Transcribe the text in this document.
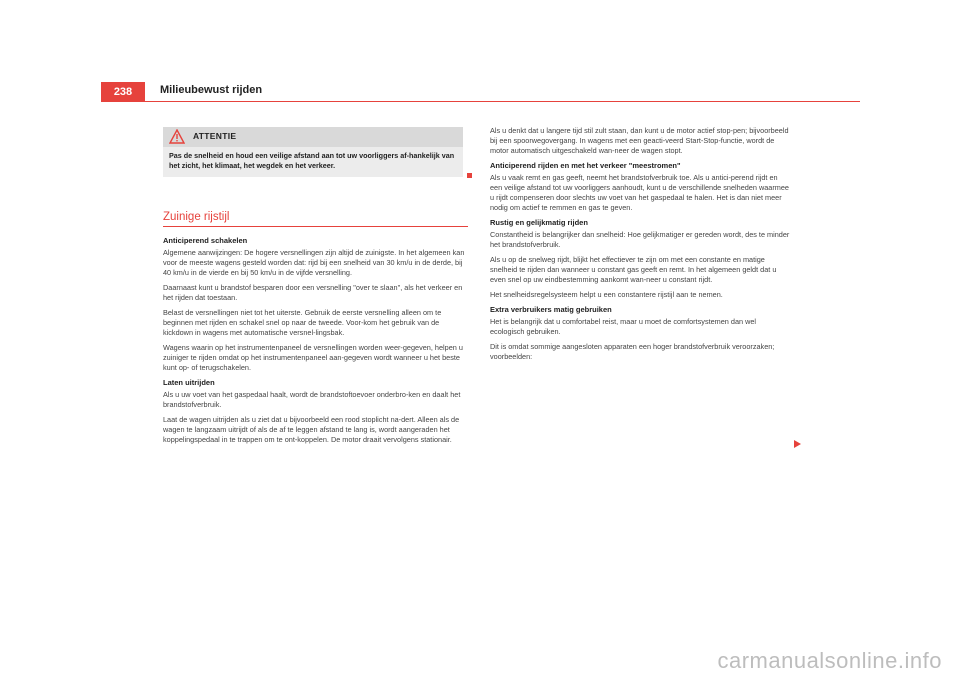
238	Milieubewust rijden
ATTENTIE
Pas de snelheid en houd een veilige afstand aan tot uw voorliggers af-hankelijk van het zicht, het klimaat, het wegdek en het verkeer.
Zuinige rijstijl
Anticiperend schakelen

Algemene aanwijzingen: De hogere versnellingen zijn altijd de zuinigste. In het algemeen kan voor de meeste wagens gesteld worden dat: rijd bij een snelheid van 30 km/u in de derde, bij 40 km/u in de vierde en bij 50 km/u in de vijfde versnelling.

Daarnaast kunt u brandstof besparen door een versnelling "over te slaan", als het verkeer en het rijden dat toestaan.

Belast de versnellingen niet tot het uiterste. Gebruik de eerste versnelling alleen om te beginnen met rijden en schakel snel op naar de tweede. Voor-kom het gebruik van de kickdown in wagens met automatische versnel-lingsbak.

Wagens waarin op het instrumentenpaneel de versnellingen worden weer-gegeven, helpen u zuiniger te rijden omdat op het instrumentenpaneel aan-gegeven wordt wanneer u het beste kunt op- of terugschakelen.

Laten uitrijden

Als u uw voet van het gaspedaal haalt, wordt de brandstoftoevoer onderbro-ken en daalt het brandstofverbruik.

Laat de wagen uitrijden als u ziet dat u bijvoorbeeld een rood stoplicht na-dert. Alleen als de wagen te langzaam uitrijdt of als de af te leggen afstand te lang is, wordt aangeraden het koppelingspedaal in te trappen om te ont-koppelen. De motor draait vervolgens stationair.

Als u denkt dat u langere tijd stil zult staan, dan kunt u de motor actief stop-pen; bijvoorbeeld bij een spoorwegovergang. In wagens met een geacti-veerd Start-Stop-functie, wordt de motor automatisch uitgeschakeld wan-neer de wagen stopt.

Anticiperend rijden en met het verkeer "meestromen"

Als u vaak remt en gas geeft, neemt het brandstofverbruik toe. Als u antici-perend rijdt en een veilige afstand tot uw voorliggers aanhoudt, kunt u de verschillende snelheden waarmee u rijdt compenseren door slechts uw voet van het gaspedaal te halen. Het is dan niet meer nodig om actief te remmen en gas te geven.

Rustig en gelijkmatig rijden

Constantheid is belangrijker dan snelheid: Hoe gelijkmatiger er gereden wordt, des te minder het brandstofverbruik.

Als u op de snelweg rijdt, blijkt het effectiever te zijn om met een constante en matige snelheid te rijden dan wanneer u constant gas geeft en remt. In het algemeen geldt dat u even snel op uw eindbestemming aankomt wan-neer u constant rijdt.

Het snelheidsregelsysteem helpt u een constantere rijstijl aan te nemen.

Extra verbruikers matig gebruiken

Het is belangrijk dat u comfortabel reist, maar u moet de comfortsystemen dan wel ecologisch gebruiken.

Dit is omdat sommige aangesloten apparaten een hoger brandstofverbruik veroorzaken; voorbeelden:

carmanualsonline.info
